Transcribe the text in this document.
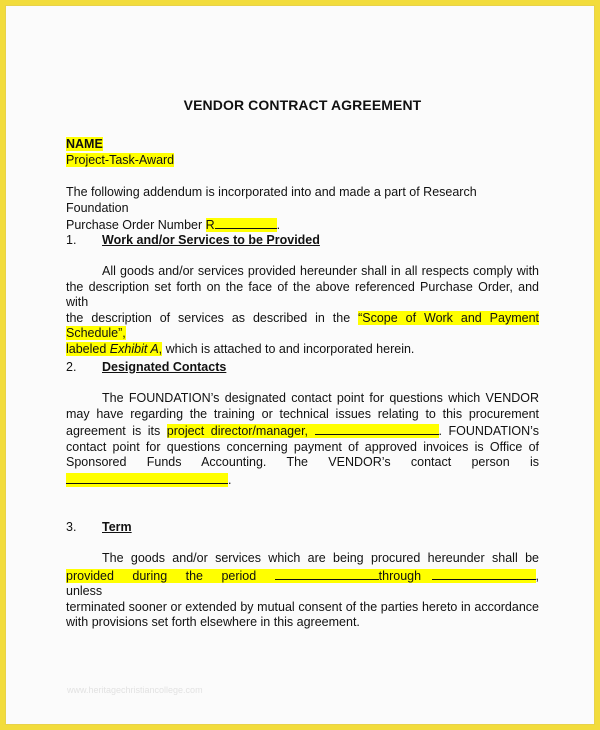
VENDOR CONTRACT AGREEMENT
NAME
Project-Task-Award
The following addendum is incorporated into and made a part of Research Foundation
Purchase Order Number R	.
1. Work and/or Services to be Provided
All goods and/or services provided hereunder shall in all respects comply with
the description set forth on the face of the above referenced Purchase Order, and with
the description of services as described in the “Scope of Work and Payment Schedule”,
labeled Exhibit A, which is attached to and incorporated herein.
2. Designated Contacts
The FOUNDATION’s designated contact point for questions which VENDOR
may have regarding the training or technical issues relating to this procurement
agreement is its project director/manager,	. FOUNDATION’s
contact point for questions concerning payment of approved invoices is Office of
Sponsored Funds Accounting. The VENDOR’s contact person is
.
3. Term
The goods and/or services which are being procured hereunder shall be
provided during the period	through	, unless
terminated sooner or extended by mutual consent of the parties hereto in accordance
with provisions set forth elsewhere in this agreement.
www.heritagechristiancollege.com
